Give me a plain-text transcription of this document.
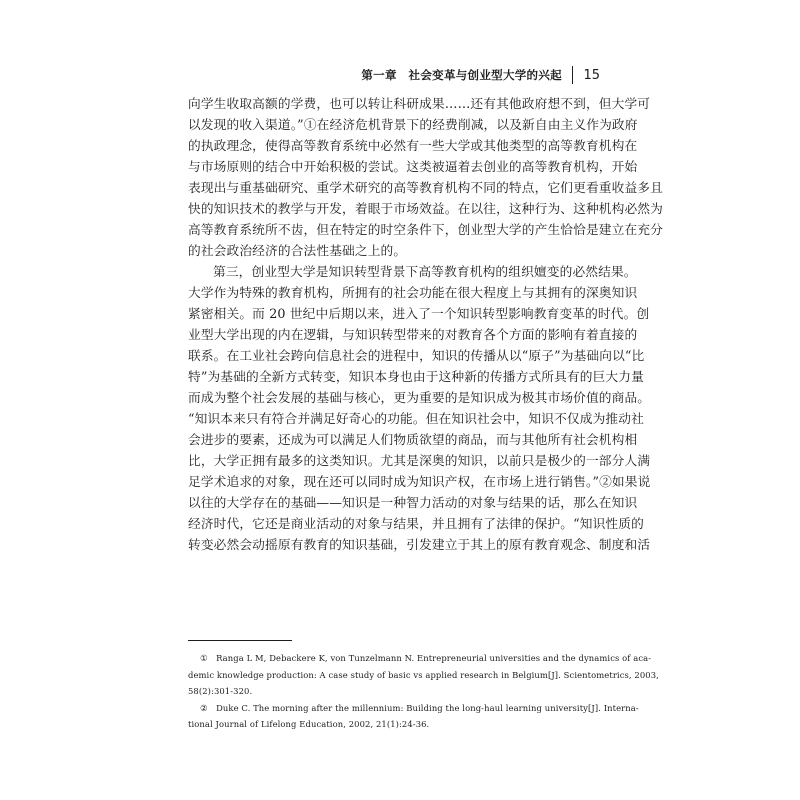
第一章　社会变革与创业型大学的兴起 15
向学生收取高额的学费，也可以转让科研成果……还有其他政府想不到，但大学可
以发现的收入渠道。”①在经济危机背景下的经费削减，以及新自由主义作为政府
的执政理念，使得高等教育系统中必然有一些大学或其他类型的高等教育机构在
与市场原则的结合中开始积极的尝试。这类被逼着去创业的高等教育机构，开始
表现出与重基础研究、重学术研究的高等教育机构不同的特点，它们更看重收益多且
快的知识技术的教学与开发，着眼于市场效益。在以往，这种行为、这种机构必然为
高等教育系统所不齿，但在特定的时空条件下，创业型大学的产生恰恰是建立在充分
的社会政治经济的合法性基础之上的。
第三，创业型大学是知识转型背景下高等教育机构的组织嬗变的必然结果。
大学作为特殊的教育机构，所拥有的社会功能在很大程度上与其拥有的深奥知识
紧密相关。而 20 世纪中后期以来，进入了一个知识转型影响教育变革的时代。创
业型大学出现的内在逻辑，与知识转型带来的对教育各个方面的影响有着直接的
联系。在工业社会跨向信息社会的进程中，知识的传播从以“原子”为基础向以“比
特”为基础的全新方式转变，知识本身也由于这种新的传播方式所具有的巨大力量
而成为整个社会发展的基础与核心，更为重要的是知识成为极其市场价值的商品。
“知识本来只有符合并满足好奇心的功能。但在知识社会中，知识不仅成为推动社
会进步的要素，还成为可以满足人们物质欲望的商品，而与其他所有社会机构相
比，大学正拥有最多的这类知识。尤其是深奥的知识，以前只是极少的一部分人满
足学术追求的对象，现在还可以同时成为知识产权，在市场上进行销售。”②如果说
以往的大学存在的基础——知识是一种智力活动的对象与结果的话，那么在知识
经济时代，它还是商业活动的对象与结果，并且拥有了法律的保护。“知识性质的
转变必然会动摇原有教育的知识基础，引发建立于其上的原有教育观念、制度和活
①　Ranga L M, Debackere K, von Tunzelmann N. Entrepreneurial universities and the dynamics of aca-
demic knowledge production: A case study of basic vs applied research in Belgium[J]. Scientometrics, 2003,
58(2):301-320.
②　Duke C. The morning after the millennium: Building the long-haul learning university[J]. Interna-
tional Journal of Lifelong Education, 2002, 21(1):24-36.
